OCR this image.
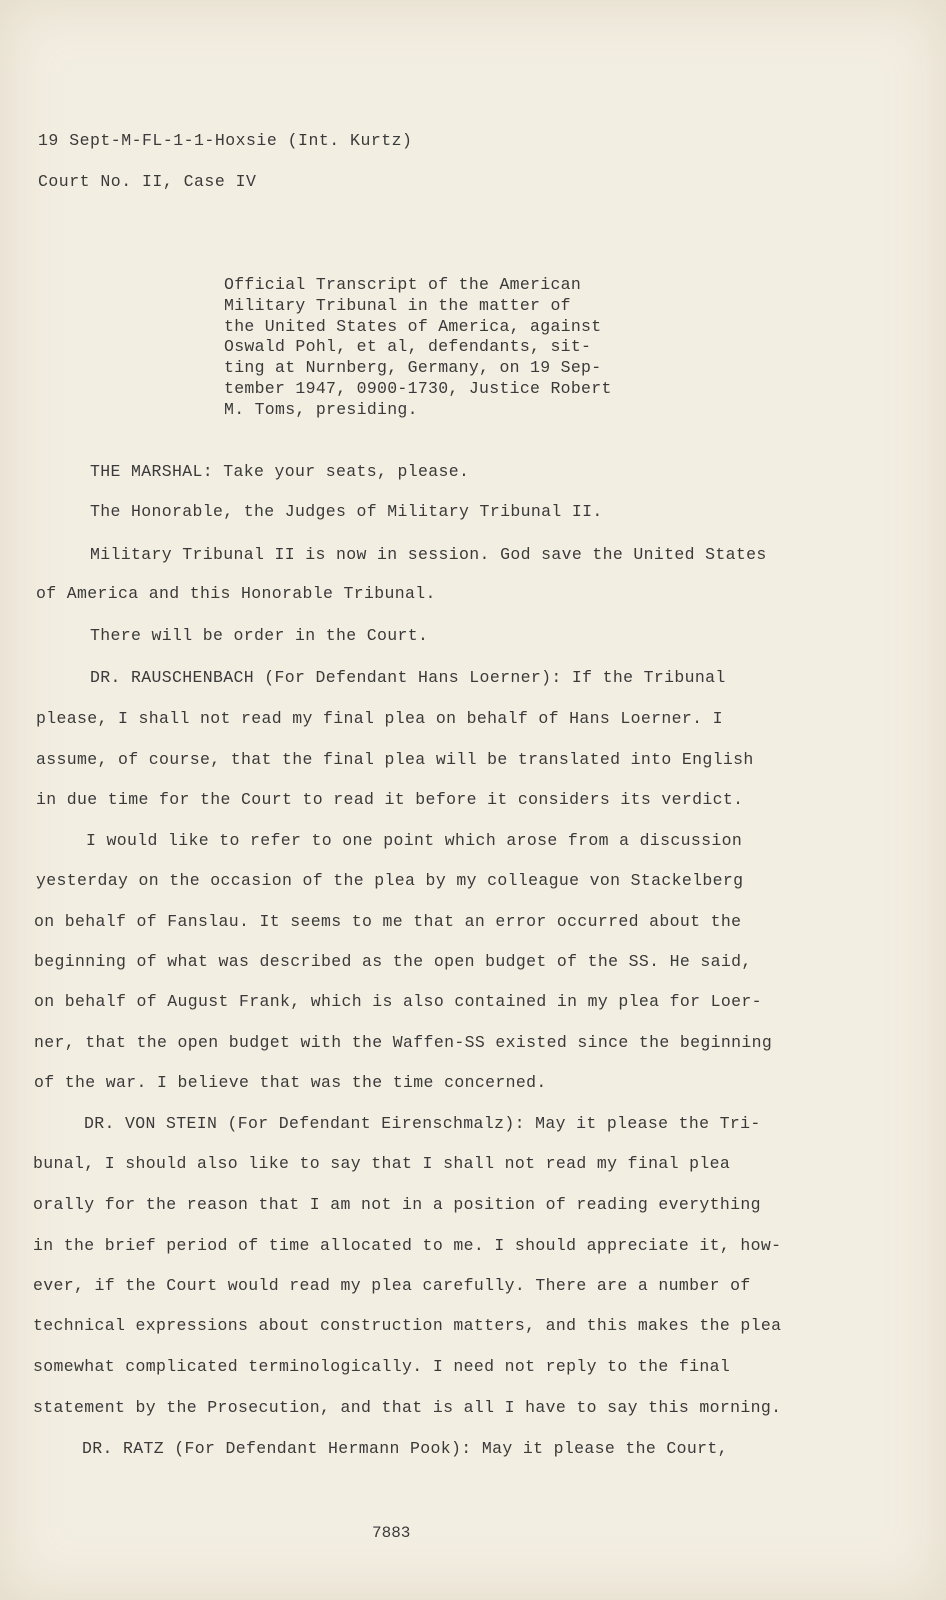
19 Sept-M-FL-1-1-Hoxsie (Int. Kurtz)
Court No. II, Case IV
Official Transcript of the American
Military Tribunal in the matter of
the United States of America, against
Oswald Pohl, et al, defendants, sit-
ting at Nurnberg, Germany, on 19 Sep-
tember 1947, 0900-1730, Justice Robert
M. Toms, presiding.
THE MARSHAL: Take your seats, please.
The Honorable, the Judges of Military Tribunal II.
Military Tribunal II is now in session. God save the United States
of America and this Honorable Tribunal.
There will be order in the Court.
DR. RAUSCHENBACH (For Defendant Hans Loerner): If the Tribunal
please, I shall not read my final plea on behalf of Hans Loerner. I
assume, of course, that the final plea will be translated into English
in due time for the Court to read it before it considers its verdict.
I would like to refer to one point which arose from a discussion
yesterday on the occasion of the plea by my colleague von Stackelberg
on behalf of Fanslau. It seems to me that an error occurred about the
beginning of what was described as the open budget of the SS. He said,
on behalf of August Frank, which is also contained in my plea for Loer-
ner, that the open budget with the Waffen-SS existed since the beginning
of the war. I believe that was the time concerned.
DR. VON STEIN (For Defendant Eirenschmalz): May it please the Tri-
bunal, I should also like to say that I shall not read my final plea
orally for the reason that I am not in a position of reading everything
in the brief period of time allocated to me. I should appreciate it, how-
ever, if the Court would read my plea carefully. There are a number of
technical expressions about construction matters, and this makes the plea
somewhat complicated terminologically. I need not reply to the final
statement by the Prosecution, and that is all I have to say this morning.
DR. RATZ (For Defendant Hermann Pook): May it please the Court,
7883
